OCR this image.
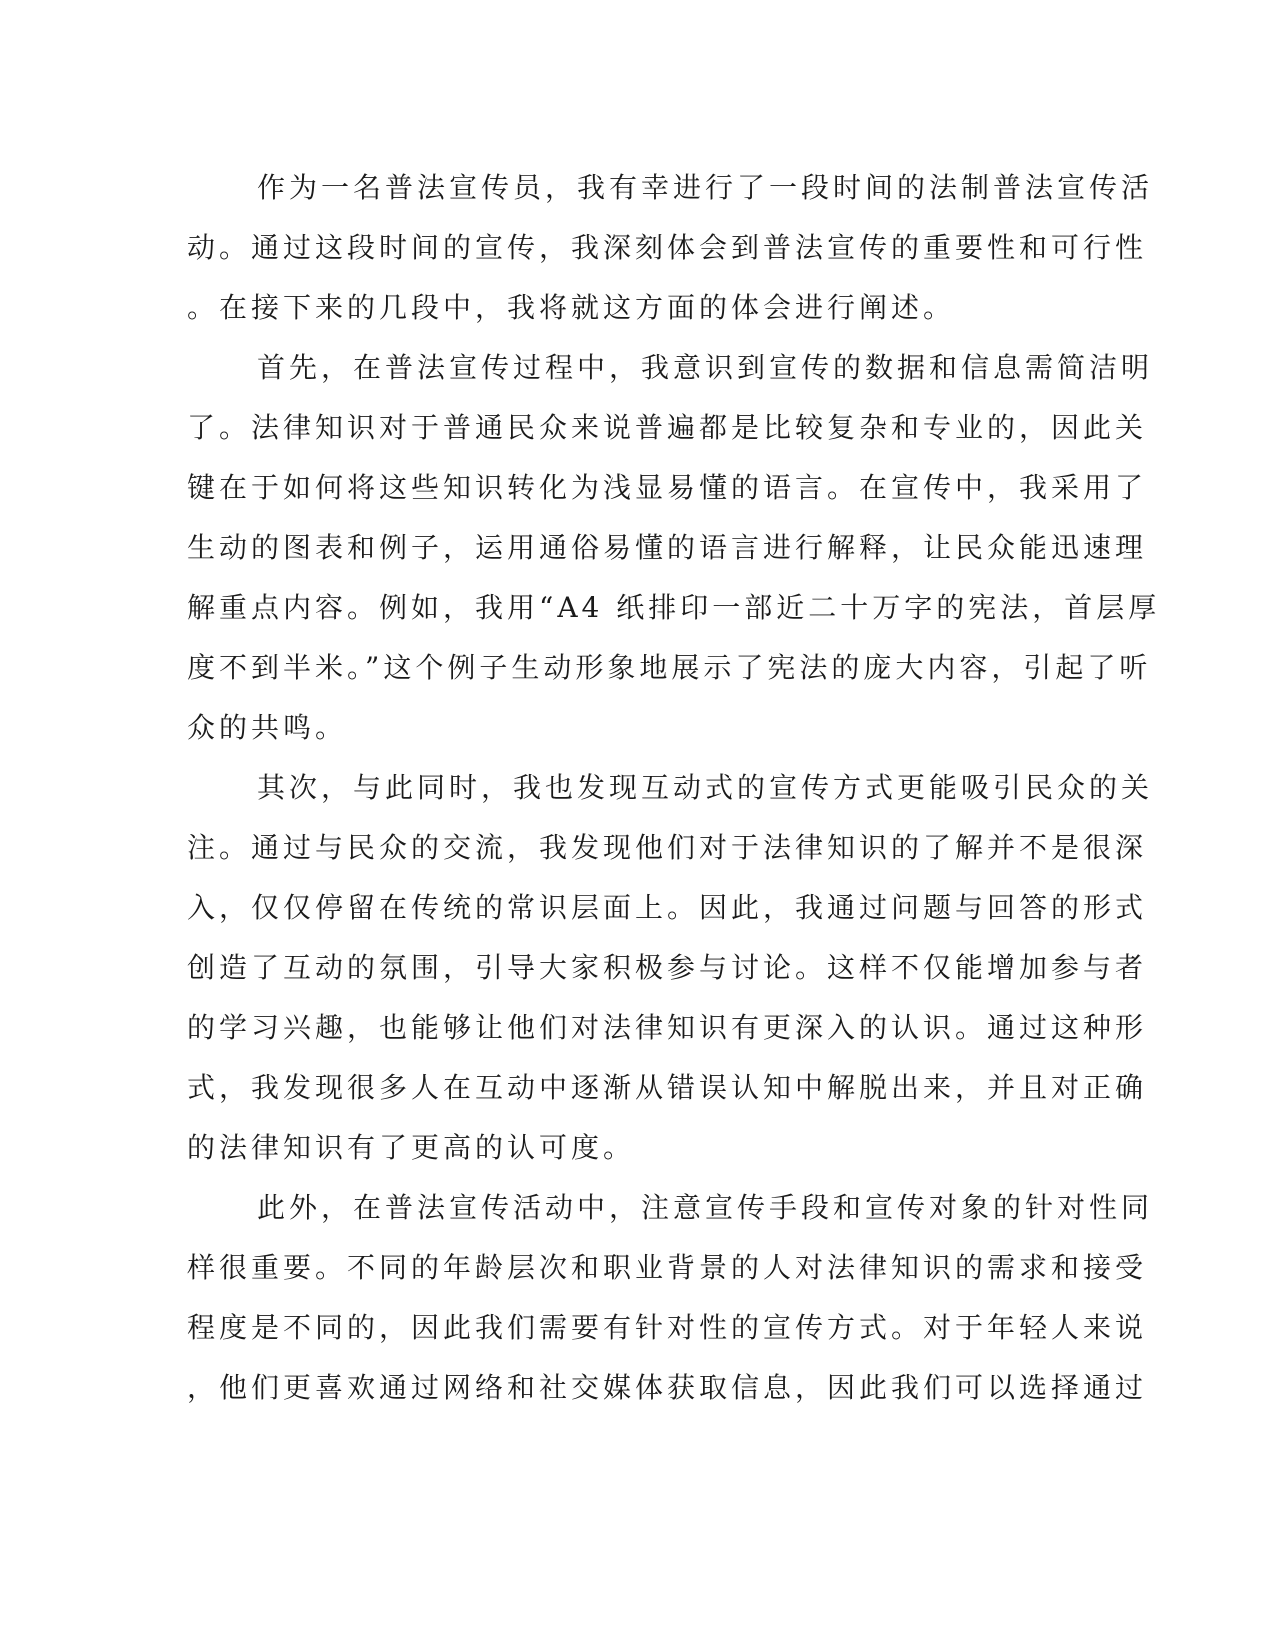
作为一名普法宣传员，我有幸进行了一段时间的法制普法宣传活
动。通过这段时间的宣传，我深刻体会到普法宣传的重要性和可行性
。在接下来的几段中，我将就这方面的体会进行阐述。
首先，在普法宣传过程中，我意识到宣传的数据和信息需简洁明
了。法律知识对于普通民众来说普遍都是比较复杂和专业的，因此关
键在于如何将这些知识转化为浅显易懂的语言。在宣传中，我采用了
生动的图表和例子，运用通俗易懂的语言进行解释，让民众能迅速理
解重点内容。例如，我用“A4 纸排印一部近二十万字的宪法，首层厚
度不到半米。”这个例子生动形象地展示了宪法的庞大内容，引起了听
众的共鸣。
其次，与此同时，我也发现互动式的宣传方式更能吸引民众的关
注。通过与民众的交流，我发现他们对于法律知识的了解并不是很深
入，仅仅停留在传统的常识层面上。因此，我通过问题与回答的形式
创造了互动的氛围，引导大家积极参与讨论。这样不仅能增加参与者
的学习兴趣，也能够让他们对法律知识有更深入的认识。通过这种形
式，我发现很多人在互动中逐渐从错误认知中解脱出来，并且对正确
的法律知识有了更高的认可度。
此外，在普法宣传活动中，注意宣传手段和宣传对象的针对性同
样很重要。不同的年龄层次和职业背景的人对法律知识的需求和接受
程度是不同的，因此我们需要有针对性的宣传方式。对于年轻人来说
，他们更喜欢通过网络和社交媒体获取信息，因此我们可以选择通过
